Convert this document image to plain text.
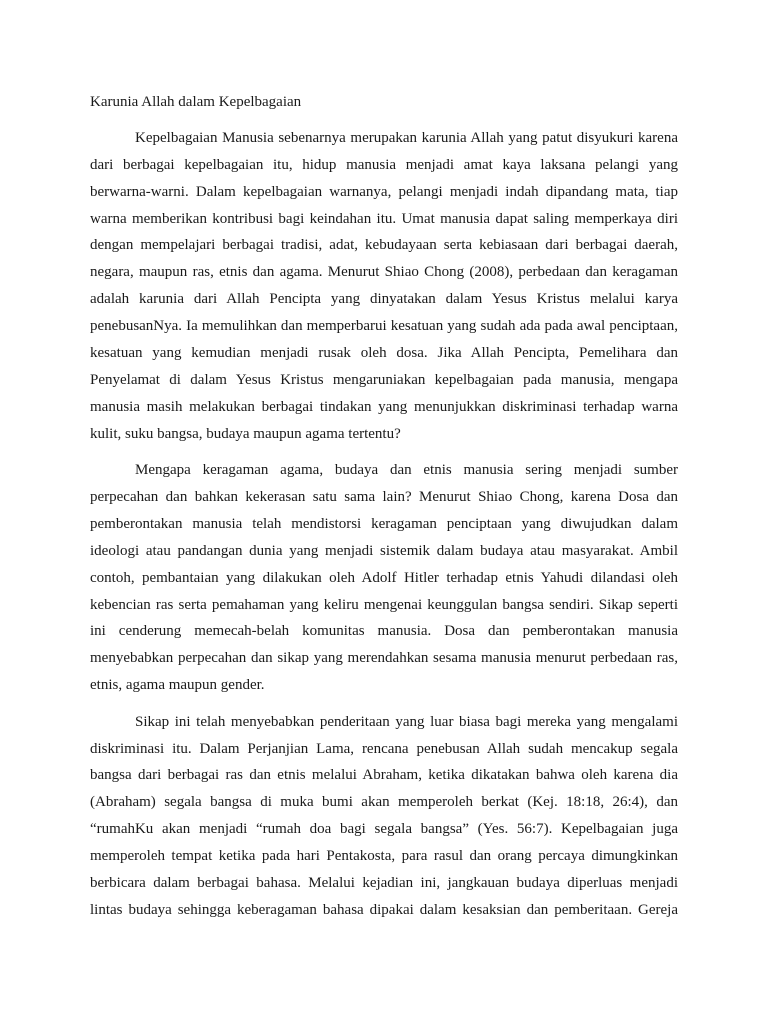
Karunia Allah dalam Kepelbagaian
Kepelbagaian Manusia sebenarnya merupakan karunia Allah yang patut disyukuri karena
dari berbagai kepelbagaian itu, hidup manusia menjadi amat kaya laksana pelangi yang
berwarna-warni. Dalam kepelbagaian warnanya, pelangi menjadi indah dipandang mata, tiap
warna memberikan kontribusi bagi keindahan itu. Umat manusia dapat saling memperkaya diri
dengan mempelajari berbagai tradisi, adat, kebudayaan serta kebiasaan dari berbagai daerah,
negara, maupun ras, etnis dan agama. Menurut Shiao Chong (2008), perbedaan dan keragaman
adalah karunia dari Allah Pencipta yang dinyatakan dalam Yesus Kristus melalui karya
penebusanNya. Ia memulihkan dan memperbarui kesatuan yang sudah ada pada awal penciptaan,
kesatuan yang kemudian menjadi rusak oleh dosa. Jika Allah Pencipta, Pemelihara dan
Penyelamat di dalam Yesus Kristus mengaruniakan kepelbagaian pada manusia, mengapa
manusia masih melakukan berbagai tindakan yang menunjukkan diskriminasi terhadap warna
kulit, suku bangsa, budaya maupun agama tertentu?
Mengapa keragaman agama, budaya dan etnis manusia sering menjadi sumber
perpecahan dan bahkan kekerasan satu sama lain? Menurut Shiao Chong, karena Dosa dan
pemberontakan manusia telah mendistorsi keragaman penciptaan yang diwujudkan dalam
ideologi atau pandangan dunia yang menjadi sistemik dalam budaya atau masyarakat. Ambil
contoh, pembantaian yang dilakukan oleh Adolf Hitler terhadap etnis Yahudi dilandasi oleh
kebencian ras serta pemahaman yang keliru mengenai keunggulan bangsa sendiri. Sikap seperti
ini cenderung memecah-belah komunitas manusia. Dosa dan pemberontakan manusia
menyebabkan perpecahan dan sikap yang merendahkan sesama manusia menurut perbedaan ras,
etnis, agama maupun gender.
Sikap ini telah menyebabkan penderitaan yang luar biasa bagi mereka yang mengalami
diskriminasi itu. Dalam Perjanjian Lama, rencana penebusan Allah sudah mencakup segala
bangsa dari berbagai ras dan etnis melalui Abraham, ketika dikatakan bahwa oleh karena dia
(Abraham) segala bangsa di muka bumi akan memperoleh berkat (Kej. 18:18, 26:4), dan
“rumahKu akan menjadi “rumah doa bagi segala bangsa” (Yes. 56:7). Kepelbagaian juga
memperoleh tempat ketika pada hari Pentakosta, para rasul dan orang percaya dimungkinkan
berbicara dalam berbagai bahasa. Melalui kejadian ini, jangkauan budaya diperluas menjadi
lintas budaya sehingga keberagaman bahasa dipakai dalam kesaksian dan pemberitaan. Gereja
